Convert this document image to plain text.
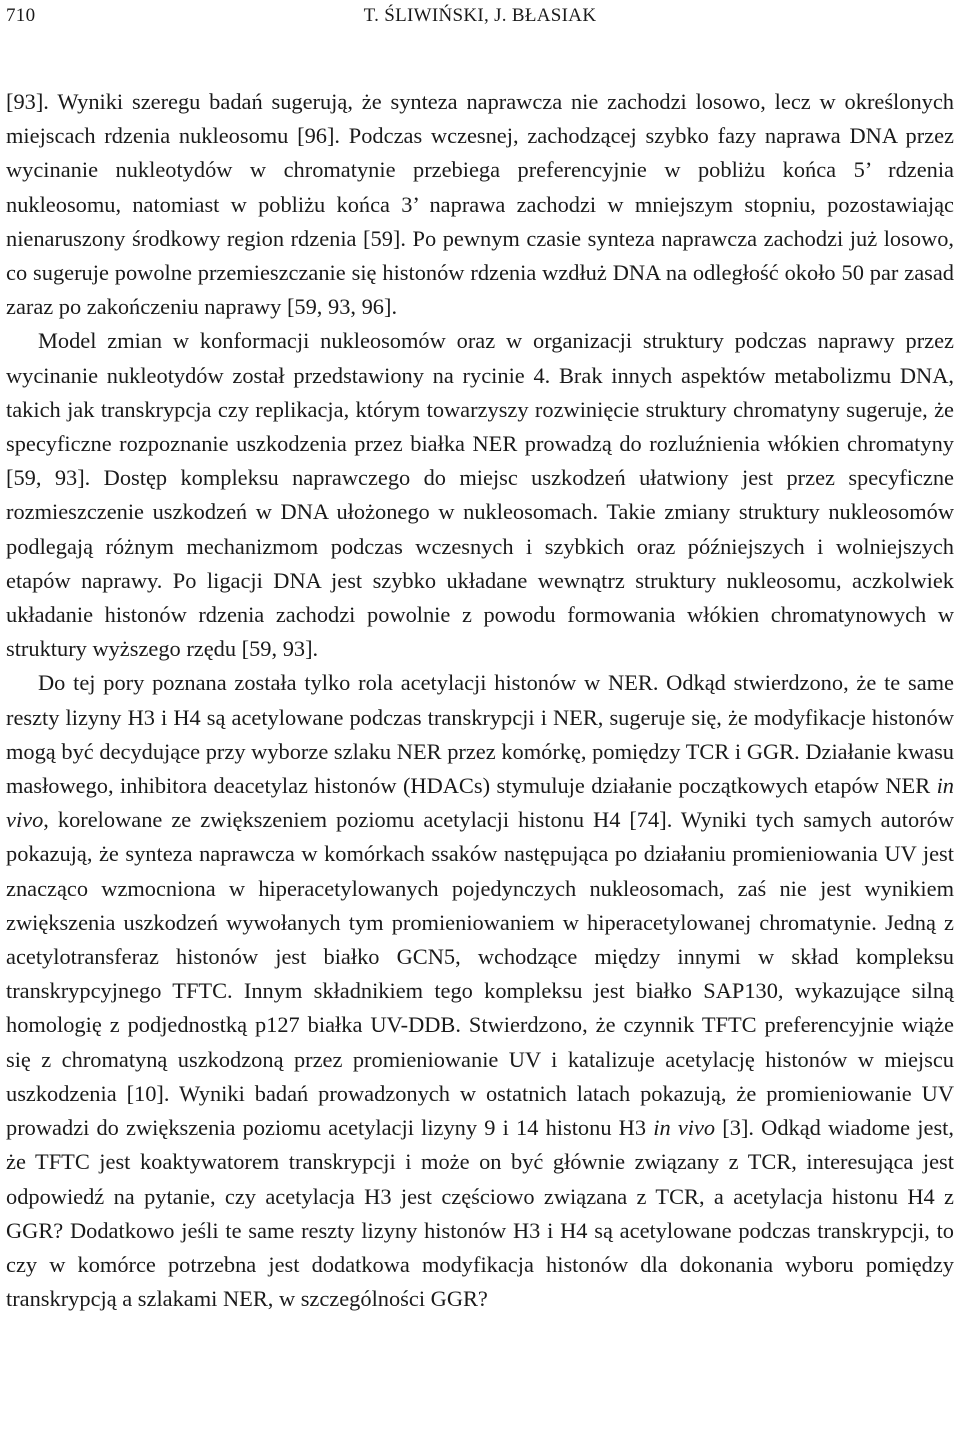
710	T. ŚLIWIŃSKI, J. BŁASIAK

[93]. Wyniki szeregu badań sugerują, że synteza naprawcza nie zachodzi losowo, lecz w określonych miejscach rdzenia nukleosomu [96]. Podczas wczesnej, zachodzącej szybko fazy naprawa DNA przez wycinanie nukleotydów w chromatynie przebiega preferencyjnie w pobliżu końca 5’ rdzenia nukleosomu, natomiast w pobliżu końca 3’ naprawa zachodzi w mniejszym stopniu, pozostawiając nienaruszony środkowy region rdzenia [59]. Po pewnym czasie synteza naprawcza zachodzi już losowo, co sugeruje powolne przemieszczanie się histonów rdzenia wzdłuż DNA na odległość około 50 par zasad zaraz po zakończeniu naprawy [59, 93, 96].

Model zmian w konformacji nukleosomów oraz w organizacji struktury podczas naprawy przez wycinanie nukleotydów został przedstawiony na rycinie 4. Brak innych aspektów metabolizmu DNA, takich jak transkrypcja czy replikacja, którym towarzyszy rozwinięcie struktury chromatyny sugeruje, że specyficzne rozpoznanie uszkodzenia przez białka NER prowadzą do rozluźnienia włókien chromatyny [59, 93]. Dostęp kompleksu naprawczego do miejsc uszkodzeń ułatwiony jest przez specyficzne rozmieszczenie uszkodzeń w DNA ułożonego w nukleosomach. Takie zmiany struktury nukleosomów podlegają różnym mechanizmom podczas wczesnych i szybkich oraz późniejszych i wolniejszych etapów naprawy. Po ligacji DNA jest szybko układane wewnątrz struktury nukleosomu, aczkolwiek układanie histonów rdzenia zachodzi powolnie z powodu formowania włókien chromatynowych w struktury wyższego rzędu [59, 93].

Do tej pory poznana została tylko rola acetylacji histonów w NER. Odkąd stwierdzono, że te same reszty lizyny H3 i H4 są acetylowane podczas transkrypcji i NER, sugeruje się, że modyfikacje histonów mogą być decydujące przy wyborze szlaku NER przez komórkę, pomiędzy TCR i GGR. Działanie kwasu masłowego, inhibitora deacetylaz histonów (HDACs) stymuluje działanie początkowych etapów NER in vivo, korelowane ze zwiększeniem poziomu acetylacji histonu H4 [74]. Wyniki tych samych autorów pokazują, że synteza naprawcza w komórkach ssaków następująca po działaniu promieniowania UV jest znacząco wzmocniona w hiperacetylowanych pojedynczych nukleosomach, zaś nie jest wynikiem zwiększenia uszkodzeń wywołanych tym promieniowaniem w hiperacetylowanej chromatynie. Jedną z acetylotransferaz histonów jest białko GCN5, wchodzące między innymi w skład kompleksu transkrypcyjnego TFTC. Innym składnikiem tego kompleksu jest białko SAP130, wykazujące silną homologię z podjednostką p127 białka UV-DDB. Stwierdzono, że czynnik TFTC preferencyjnie wiąże się z chromatyną uszkodzoną przez promieniowanie UV i katalizuje acetylację histonów w miejscu uszkodzenia [10]. Wyniki badań prowadzonych w ostatnich latach pokazują, że promieniowanie UV prowadzi do zwiększenia poziomu acetylacji lizyny 9 i 14 histonu H3 in vivo [3]. Odkąd wiadome jest, że TFTC jest koaktywatorem transkrypcji i może on być głównie związany z TCR, interesująca jest odpowiedź na pytanie, czy acetylacja H3 jest częściowo związana z TCR, a acetylacja histonu H4 z GGR? Dodatkowo jeśli te same reszty lizyny histonów H3 i H4 są acetylowane podczas transkrypcji, to czy w komórce potrzebna jest dodatkowa modyfikacja histonów dla dokonania wyboru pomiędzy transkrypcją a szlakami NER, w szczególności GGR?
